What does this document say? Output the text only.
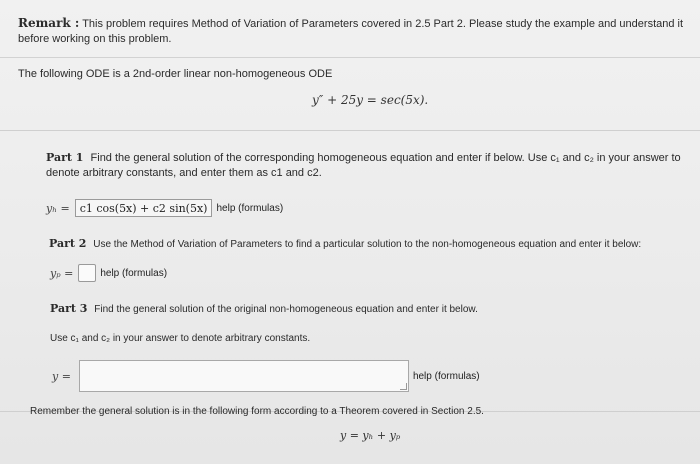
Remark : This problem requires Method of Variation of Parameters covered in 2.5 Part 2. Please study the example and understand it before working on this problem.
The following ODE is a 2nd-order linear non-homogeneous ODE
y″ + 25y = sec(5x).
Part 1 Find the general solution of the corresponding homogeneous equation and enter if below. Use c₁ and c₂ in your answer to denote arbitrary constants, and enter them as c1 and c2.
yₕ = c1 cos(5x) + c2 sin(5x) help (formulas)
Part 2 Use the Method of Variation of Parameters to find a particular solution to the non-homogeneous equation and enter it below:
yₚ =	help (formulas)
Part 3 Find the general solution of the original non-homogeneous equation and enter it below.
Use c₁ and c₂ in your answer to denote arbitrary constants.
y =	help (formulas)
Remember the general solution is in the following form according to a Theorem covered in Section 2.5.
y = yₕ + yₚ
